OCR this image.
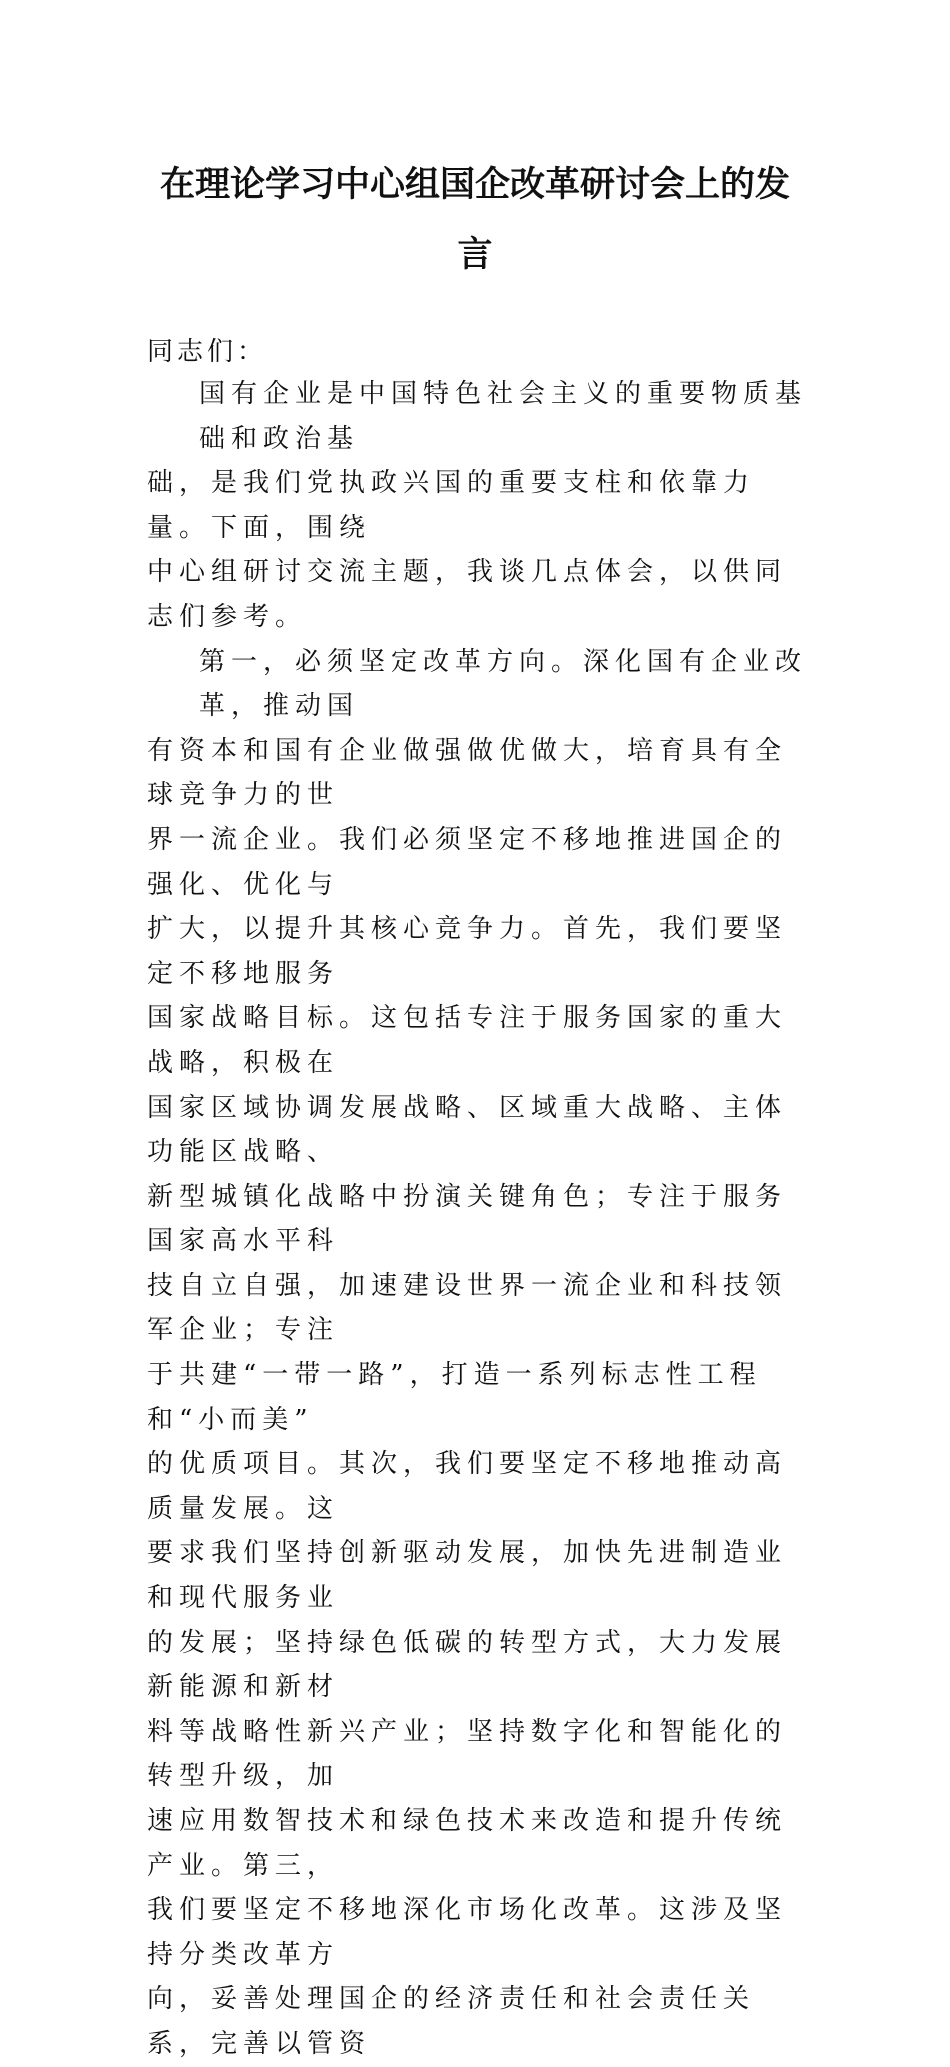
在理论学习中心组国企改革研讨会上的发
言
同志们：
国有企业是中国特色社会主义的重要物质基础和政治基
础，是我们党执政兴国的重要支柱和依靠力量。下面，围绕
中心组研讨交流主题，我谈几点体会，以供同志们参考。
第一，必须坚定改革方向。深化国有企业改革，推动国
有资本和国有企业做强做优做大，培育具有全球竞争力的世
界一流企业。我们必须坚定不移地推进国企的强化、优化与
扩大，以提升其核心竞争力。首先，我们要坚定不移地服务
国家战略目标。这包括专注于服务国家的重大战略，积极在
国家区域协调发展战略、区域重大战略、主体功能区战略、
新型城镇化战略中扮演关键角色；专注于服务国家高水平科
技自立自强，加速建设世界一流企业和科技领军企业；专注
于共建“一带一路”，打造一系列标志性工程和“小而美”
的优质项目。其次，我们要坚定不移地推动高质量发展。这
要求我们坚持创新驱动发展，加快先进制造业和现代服务业
的发展；坚持绿色低碳的转型方式，大力发展新能源和新材
料等战略性新兴产业；坚持数字化和智能化的转型升级，加
速应用数智技术和绿色技术来改造和提升传统产业。第三，
我们要坚定不移地深化市场化改革。这涉及坚持分类改革方
向，妥善处理国企的经济责任和社会责任关系，完善以管资
